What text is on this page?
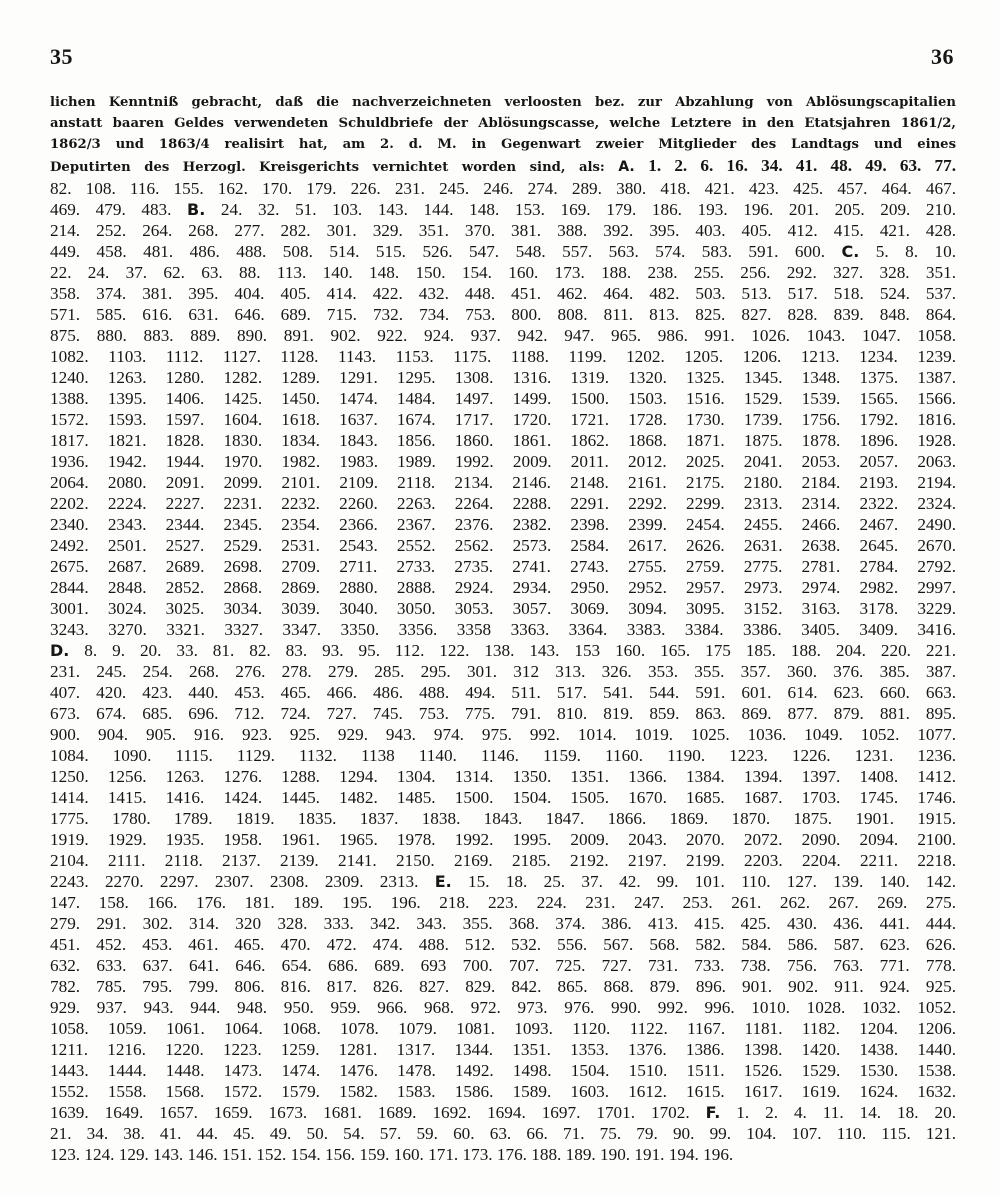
35	36
lichen Kenntniß gebracht, daß die nachverzeichneten verloosten bez. zur Abzahlung von Ablösungscapitalien
anstatt baaren Geldes verwendeten Schuldbriefe der Ablösungscasse, welche Letztere in den Etatsjahren 1861/2,
1862/3 und 1863/4 realisirt hat, am 2. d. M. in Gegenwart zweier Mitglieder des Landtags und eines
Deputirten des Herzogl. Kreisgerichts vernichtet worden sind, als: A. 1. 2. 6. 16. 34. 41. 48. 49. 63. 77.
82. 108. 116. 155. 162. 170. 179. 226. 231. 245. 246. 274. 289. 380. 418. 421. 423. 425. 457. 464. 467.
469. 479. 483. B. 24. 32. 51. 103. 143. 144. 148. 153. 169. 179. 186. 193. 196. 201. 205. 209. 210.
214. 252. 264. 268. 277. 282. 301. 329. 351. 370. 381. 388. 392. 395. 403. 405. 412. 415. 421. 428.
449. 458. 481. 486. 488. 508. 514. 515. 526. 547. 548. 557. 563. 574. 583. 591. 600. C. 5. 8. 10.
22. 24. 37. 62. 63. 88. 113. 140. 148. 150. 154. 160. 173. 188. 238. 255. 256. 292. 327. 328. 351.
358. 374. 381. 395. 404. 405. 414. 422. 432. 448. 451. 462. 464. 482. 503. 513. 517. 518. 524. 537.
571. 585. 616. 631. 646. 689. 715. 732. 734. 753. 800. 808. 811. 813. 825. 827. 828. 839. 848. 864.
875. 880. 883. 889. 890. 891. 902. 922. 924. 937. 942. 947. 965. 986. 991. 1026. 1043. 1047. 1058.
1082. 1103. 1112. 1127. 1128. 1143. 1153. 1175. 1188. 1199. 1202. 1205. 1206. 1213. 1234. 1239.
1240. 1263. 1280. 1282. 1289. 1291. 1295. 1308. 1316. 1319. 1320. 1325. 1345. 1348. 1375. 1387.
1388. 1395. 1406. 1425. 1450. 1474. 1484. 1497. 1499. 1500. 1503. 1516. 1529. 1539. 1565. 1566.
1572. 1593. 1597. 1604. 1618. 1637. 1674. 1717. 1720. 1721. 1728. 1730. 1739. 1756. 1792. 1816.
1817. 1821. 1828. 1830. 1834. 1843. 1856. 1860. 1861. 1862. 1868. 1871. 1875. 1878. 1896. 1928.
1936. 1942. 1944. 1970. 1982. 1983. 1989. 1992. 2009. 2011. 2012. 2025. 2041. 2053. 2057. 2063.
2064. 2080. 2091. 2099. 2101. 2109. 2118. 2134. 2146. 2148. 2161. 2175. 2180. 2184. 2193. 2194.
2202. 2224. 2227. 2231. 2232. 2260. 2263. 2264. 2288. 2291. 2292. 2299. 2313. 2314. 2322. 2324.
2340. 2343. 2344. 2345. 2354. 2366. 2367. 2376. 2382. 2398. 2399. 2454. 2455. 2466. 2467. 2490.
2492. 2501. 2527. 2529. 2531. 2543. 2552. 2562. 2573. 2584. 2617. 2626. 2631. 2638. 2645. 2670.
2675. 2687. 2689. 2698. 2709. 2711. 2733. 2735. 2741. 2743. 2755. 2759. 2775. 2781. 2784. 2792.
2844. 2848. 2852. 2868. 2869. 2880. 2888. 2924. 2934. 2950. 2952. 2957. 2973. 2974. 2982. 2997.
3001. 3024. 3025. 3034. 3039. 3040. 3050. 3053. 3057. 3069. 3094. 3095. 3152. 3163. 3178. 3229.
3243. 3270. 3321. 3327. 3347. 3350. 3356. 3358 3363. 3364. 3383. 3384. 3386. 3405. 3409. 3416.
D. 8. 9. 20. 33. 81. 82. 83. 93. 95. 112. 122. 138. 143. 153 160. 165. 175 185. 188. 204. 220. 221.
231. 245. 254. 268. 276. 278. 279. 285. 295. 301. 312 313. 326. 353. 355. 357. 360. 376. 385. 387.
407. 420. 423. 440. 453. 465. 466. 486. 488. 494. 511. 517. 541. 544. 591. 601. 614. 623. 660. 663.
673. 674. 685. 696. 712. 724. 727. 745. 753. 775. 791. 810. 819. 859. 863. 869. 877. 879. 881. 895.
900. 904. 905. 916. 923. 925. 929. 943. 974. 975. 992. 1014. 1019. 1025. 1036. 1049. 1052. 1077.
1084. 1090. 1115. 1129. 1132. 1138 1140. 1146. 1159. 1160. 1190. 1223. 1226. 1231. 1236.
1250. 1256. 1263. 1276. 1288. 1294. 1304. 1314. 1350. 1351. 1366. 1384. 1394. 1397. 1408. 1412.
1414. 1415. 1416. 1424. 1445. 1482. 1485. 1500. 1504. 1505. 1670. 1685. 1687. 1703. 1745. 1746.
1775. 1780. 1789. 1819. 1835. 1837. 1838. 1843. 1847. 1866. 1869. 1870. 1875. 1901. 1915.
1919. 1929. 1935. 1958. 1961. 1965. 1978. 1992. 1995. 2009. 2043. 2070. 2072. 2090. 2094. 2100.
2104. 2111. 2118. 2137. 2139. 2141. 2150. 2169. 2185. 2192. 2197. 2199. 2203. 2204. 2211. 2218.
2243. 2270. 2297. 2307. 2308. 2309. 2313. E. 15. 18. 25. 37. 42. 99. 101. 110. 127. 139. 140. 142.
147. 158. 166. 176. 181. 189. 195. 196. 218. 223. 224. 231. 247. 253. 261. 262. 267. 269. 275.
279. 291. 302. 314. 320 328. 333. 342. 343. 355. 368. 374. 386. 413. 415. 425. 430. 436. 441. 444.
451. 452. 453. 461. 465. 470. 472. 474. 488. 512. 532. 556. 567. 568. 582. 584. 586. 587. 623. 626.
632. 633. 637. 641. 646. 654. 686. 689. 693 700. 707. 725. 727. 731. 733. 738. 756. 763. 771. 778.
782. 785. 795. 799. 806. 816. 817. 826. 827. 829. 842. 865. 868. 879. 896. 901. 902. 911. 924. 925.
929. 937. 943. 944. 948. 950. 959. 966. 968. 972. 973. 976. 990. 992. 996. 1010. 1028. 1032. 1052.
1058. 1059. 1061. 1064. 1068. 1078. 1079. 1081. 1093. 1120. 1122. 1167. 1181. 1182. 1204. 1206.
1211. 1216. 1220. 1223. 1259. 1281. 1317. 1344. 1351. 1353. 1376. 1386. 1398. 1420. 1438. 1440.
1443. 1444. 1448. 1473. 1474. 1476. 1478. 1492. 1498. 1504. 1510. 1511. 1526. 1529. 1530. 1538.
1552. 1558. 1568. 1572. 1579. 1582. 1583. 1586. 1589. 1603. 1612. 1615. 1617. 1619. 1624. 1632.
1639. 1649. 1657. 1659. 1673. 1681. 1689. 1692. 1694. 1697. 1701. 1702. F. 1. 2. 4. 11. 14. 18. 20.
21. 34. 38. 41. 44. 45. 49. 50. 54. 57. 59. 60. 63. 66. 71. 75. 79. 90. 99. 104. 107. 110. 115. 121.
123. 124. 129. 143. 146. 151. 152. 154. 156. 159. 160. 171. 173. 176. 188. 189. 190. 191. 194. 196.
